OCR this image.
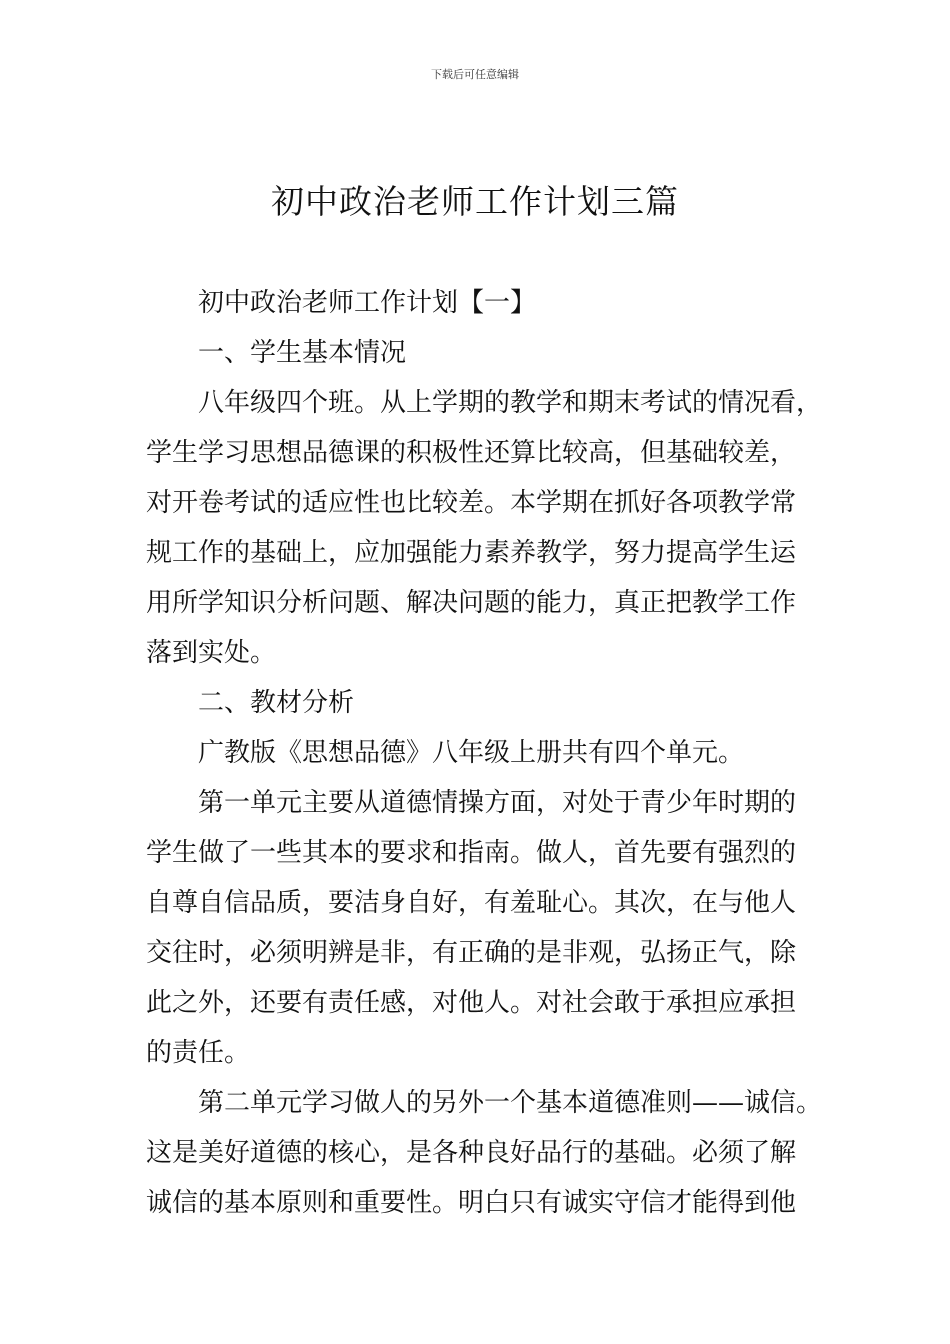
下载后可任意编辑
初中政治老师工作计划三篇

初中政治老师工作计划【一】

一、学生基本情况

八年级四个班。从上学期的教学和期末考试的情况看，

学生学习思想品德课的积极性还算比较高，但基础较差，

对开卷考试的适应性也比较差。本学期在抓好各项教学常

规工作的基础上，应加强能力素养教学，努力提高学生运

用所学知识分析问题、解决问题的能力，真正把教学工作

落到实处。

二、教材分析

广教版《思想品德》八年级上册共有四个单元。

第一单元主要从道德情操方面，对处于青少年时期的

学生做了一些其本的要求和指南。做人，首先要有强烈的

自尊自信品质，要洁身自好，有羞耻心。其次，在与他人

交往时，必须明辨是非，有正确的是非观，弘扬正气，除

此之外，还要有责任感，对他人。对社会敢于承担应承担

的责任。

第二单元学习做人的另外一个基本道德准则——诚信。

这是美好道德的核心，是各种良好品行的基础。必须了解

诚信的基本原则和重要性。明白只有诚实守信才能得到他
